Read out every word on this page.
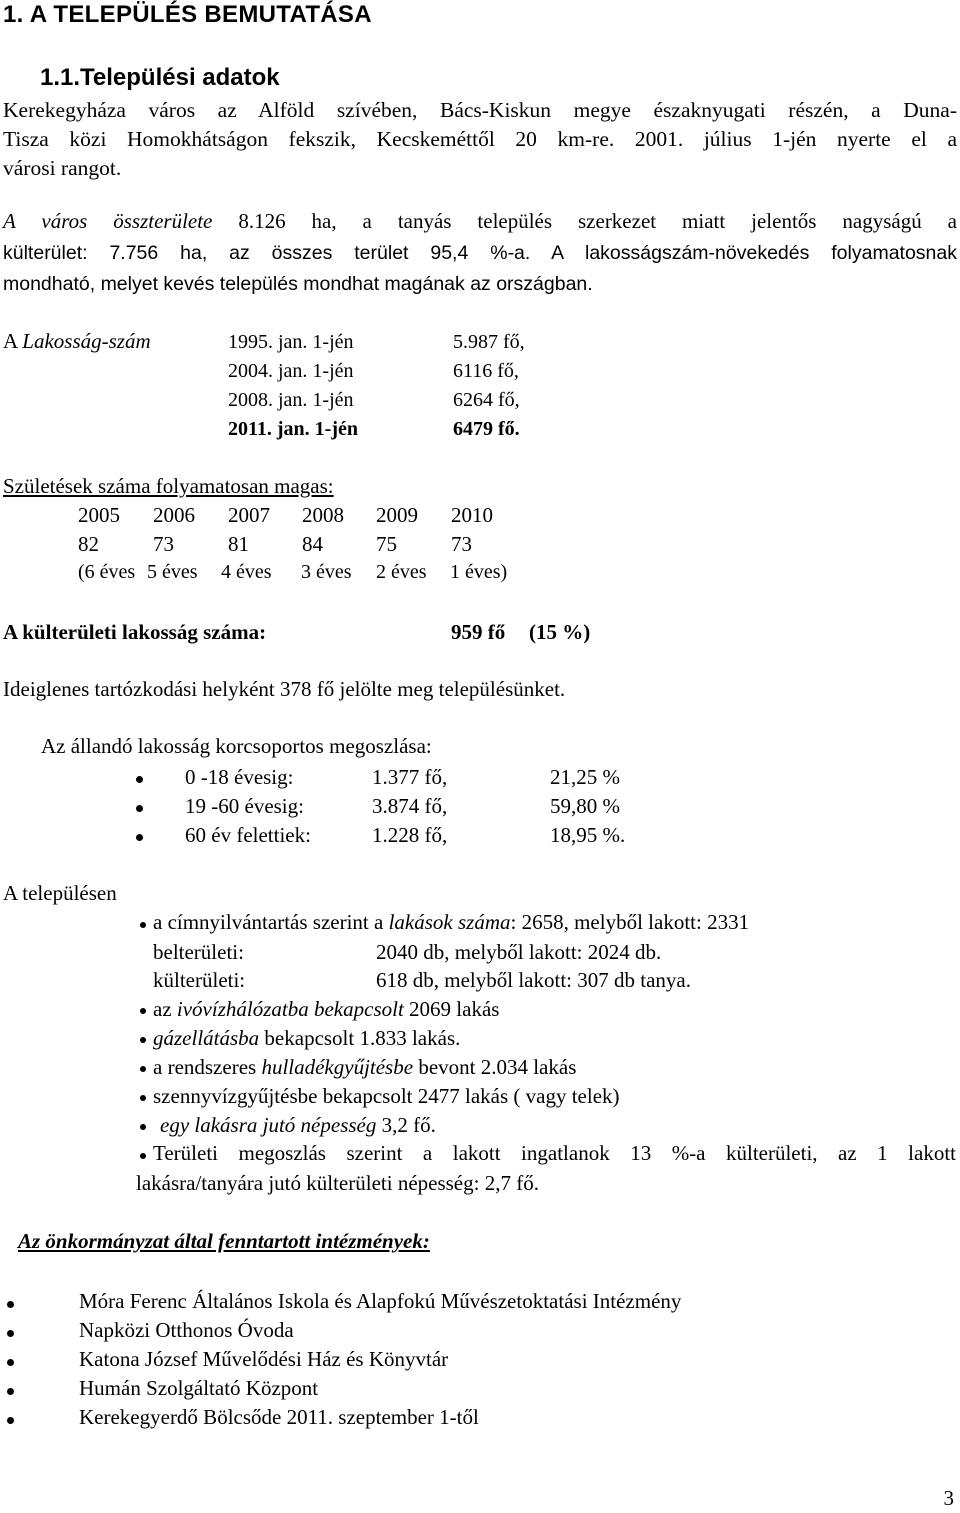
1. A TELEPÜLÉS BEMUTATÁSA
1.1.Települési adatok
Kerekegyháza város az Alföld szívében, Bács-Kiskun megye északnyugati részén, a Duna-
Tisza közi Homokhátságon fekszik, Kecskeméttől 20 km-re. 2001. július 1-jén nyerte el a
városi rangot.
A város összterülete 8.126 ha, a tanyás település szerkezet miatt jelentős nagyságú a
külterület: 7.756 ha, az összes terület 95,4 %-a. A lakosságszám-növekedés folyamatosnak
mondható, melyet kevés település mondhat magának az országban.
A Lakosság-szám	1995. jan. 1-jén	5.987 fő,
2004. jan. 1-jén	6116 fő,
2008. jan. 1-jén	6264 fő,
2011. jan. 1-jén	6479 fő.
Születések száma folyamatosan magas:
2005 2006 2007 2008 2009 2010
82	73	81	84	75	73
(6 éves 5 éves 4 éves 3 éves 2 éves 1 éves)
A külterületi lakosság száma:	959 fő (15 %)
Ideiglenes tartózkodási helyként 378 fő jelölte meg településünket.
Az állandó lakosság korcsoportos megoszlása:
0 -18 évesig:	1.377 fő,	21,25 %
19 -60 évesig:	3.874 fő,	59,80 %
60 év felettiek:	1.228 fő,	18,95 %.
A településen
a címnyilvántartás szerint a lakások száma: 2658, melyből lakott: 2331
belterületi:	2040 db, melyből lakott: 2024 db.
külterületi:	618 db, melyből lakott: 307 db tanya.
az ivóvízhálózatba bekapcsolt 2069 lakás
gázellátásba bekapcsolt 1.833 lakás.
a rendszeres hulladékgyűjtésbe bevont 2.034 lakás
szennyvízgyűjtésbe bekapcsolt 2477 lakás ( vagy telek)
egy lakásra jutó népesség 3,2 fő.
Területi megoszlás szerint a lakott ingatlanok 13 %-a külterületi, az 1 lakott
lakásra/tanyára jutó külterületi népesség: 2,7 fő.
Az önkormányzat által fenntartott intézmények:
Móra Ferenc Általános Iskola és Alapfokú Művészetoktatási Intézmény
Napközi Otthonos Óvoda
Katona József Művelődési Ház és Könyvtár
Humán Szolgáltató Központ
Kerekegyerdő Bölcsőde 2011. szeptember 1-től
3
